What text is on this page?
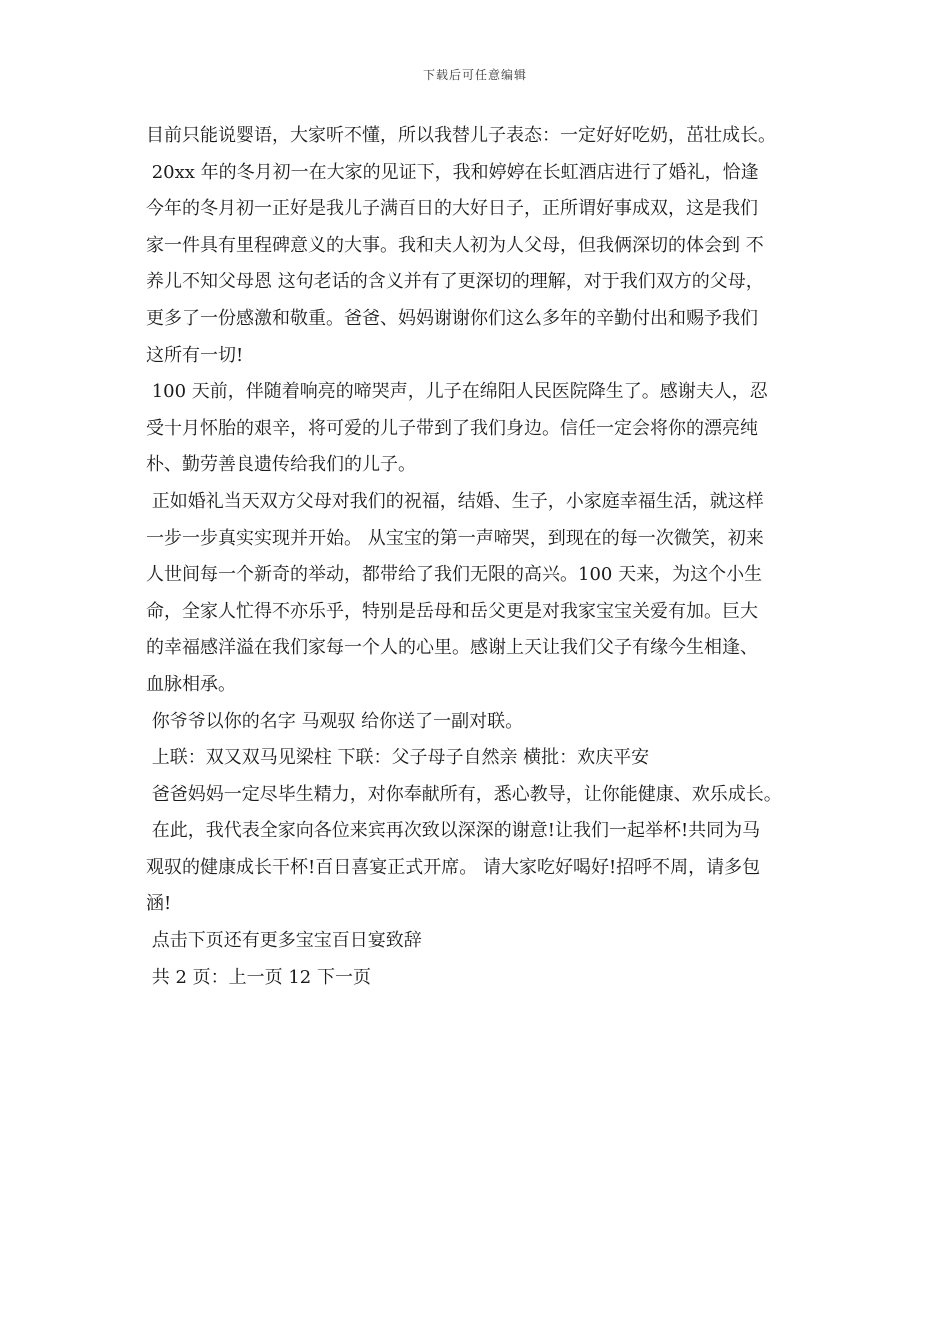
下载后可任意编辑
目前只能说婴语，大家听不懂，所以我替儿子表态：一定好好吃奶，茁壮成长。
20xx 年的冬月初一在大家的见证下，我和婷婷在长虹酒店进行了婚礼，恰逢
今年的冬月初一正好是我儿子满百日的大好日子，正所谓好事成双，这是我们
家一件具有里程碑意义的大事。我和夫人初为人父母，但我俩深切的体会到 不
养儿不知父母恩 这句老话的含义并有了更深切的理解，对于我们双方的父母，
更多了一份感激和敬重。爸爸、妈妈谢谢你们这么多年的辛勤付出和赐予我们
这所有一切!
100 天前，伴随着响亮的啼哭声，儿子在绵阳人民医院降生了。感谢夫人，忍
受十月怀胎的艰辛，将可爱的儿子带到了我们身边。信任一定会将你的漂亮纯
朴、勤劳善良遗传给我们的儿子。
正如婚礼当天双方父母对我们的祝福，结婚、生子，小家庭幸福生活，就这样
一步一步真实实现并开始。 从宝宝的第一声啼哭，到现在的每一次微笑，初来
人世间每一个新奇的举动，都带给了我们无限的高兴。100 天来，为这个小生
命，全家人忙得不亦乐乎，特别是岳母和岳父更是对我家宝宝关爱有加。巨大
的幸福感洋溢在我们家每一个人的心里。感谢上天让我们父子有缘今生相逢、
血脉相承。
你爷爷以你的名字 马观驭 给你送了一副对联。
上联：双又双马见梁柱 下联：父子母子自然亲 横批：欢庆平安
爸爸妈妈一定尽毕生精力，对你奉献所有，悉心教导，让你能健康、欢乐成长。
在此，我代表全家向各位来宾再次致以深深的谢意!让我们一起举杯!共同为马
观驭的健康成长干杯!百日喜宴正式开席。 请大家吃好喝好!招呼不周，请多包
涵!
点击下页还有更多宝宝百日宴致辞
共 2 页：上一页 12 下一页
